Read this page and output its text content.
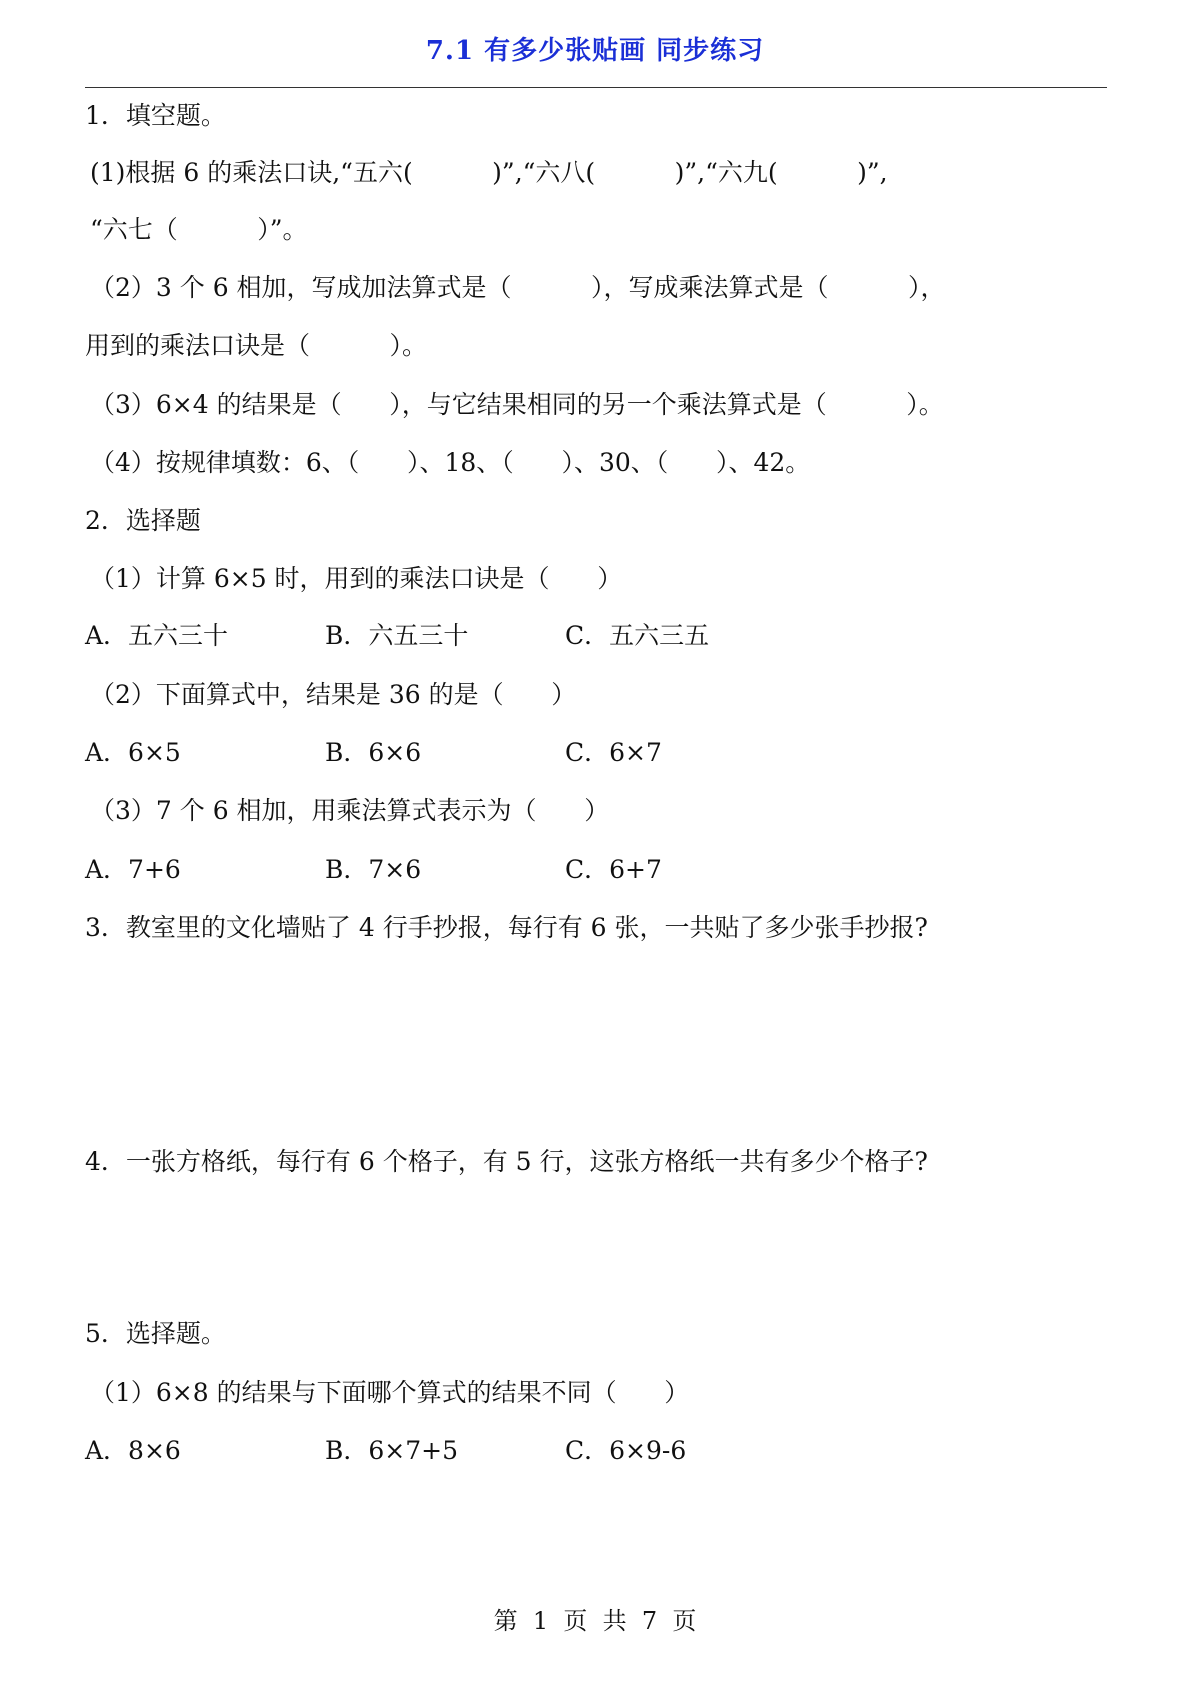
7.1 有多少张贴画 同步练习
1．填空题。
(1)根据 6 的乘法口诀,“五六(          )”,“六八(          )”,“六九(          )”,
“六七（          ）”。
（2）3 个 6 相加，写成加法算式是（          ），写成乘法算式是（          ），
用到的乘法口诀是（          ）。
（3）6×4 的结果是（      ），与它结果相同的另一个乘法算式是（          ）。
（4）按规律填数：6、（      ）、18、（      ）、30、（      ）、42。
2．选择题
（1）计算 6×5 时，用到的乘法口诀是（      ）
A．五六三十	B．六五三十	C．五六三五
（2）下面算式中，结果是 36 的是（      ）
A．6×5	B．6×6	C．6×7
（3）7 个 6 相加，用乘法算式表示为（      ）
A．7+6	B．7×6	C．6+7
3．教室里的文化墙贴了 4 行手抄报，每行有 6 张，一共贴了多少张手抄报?
4．一张方格纸，每行有 6 个格子，有 5 行，这张方格纸一共有多少个格子?
5．选择题。
（1）6×8 的结果与下面哪个算式的结果不同（      ）
A．8×6	B．6×7+5	C．6×9-6
第  1  页  共  7  页
